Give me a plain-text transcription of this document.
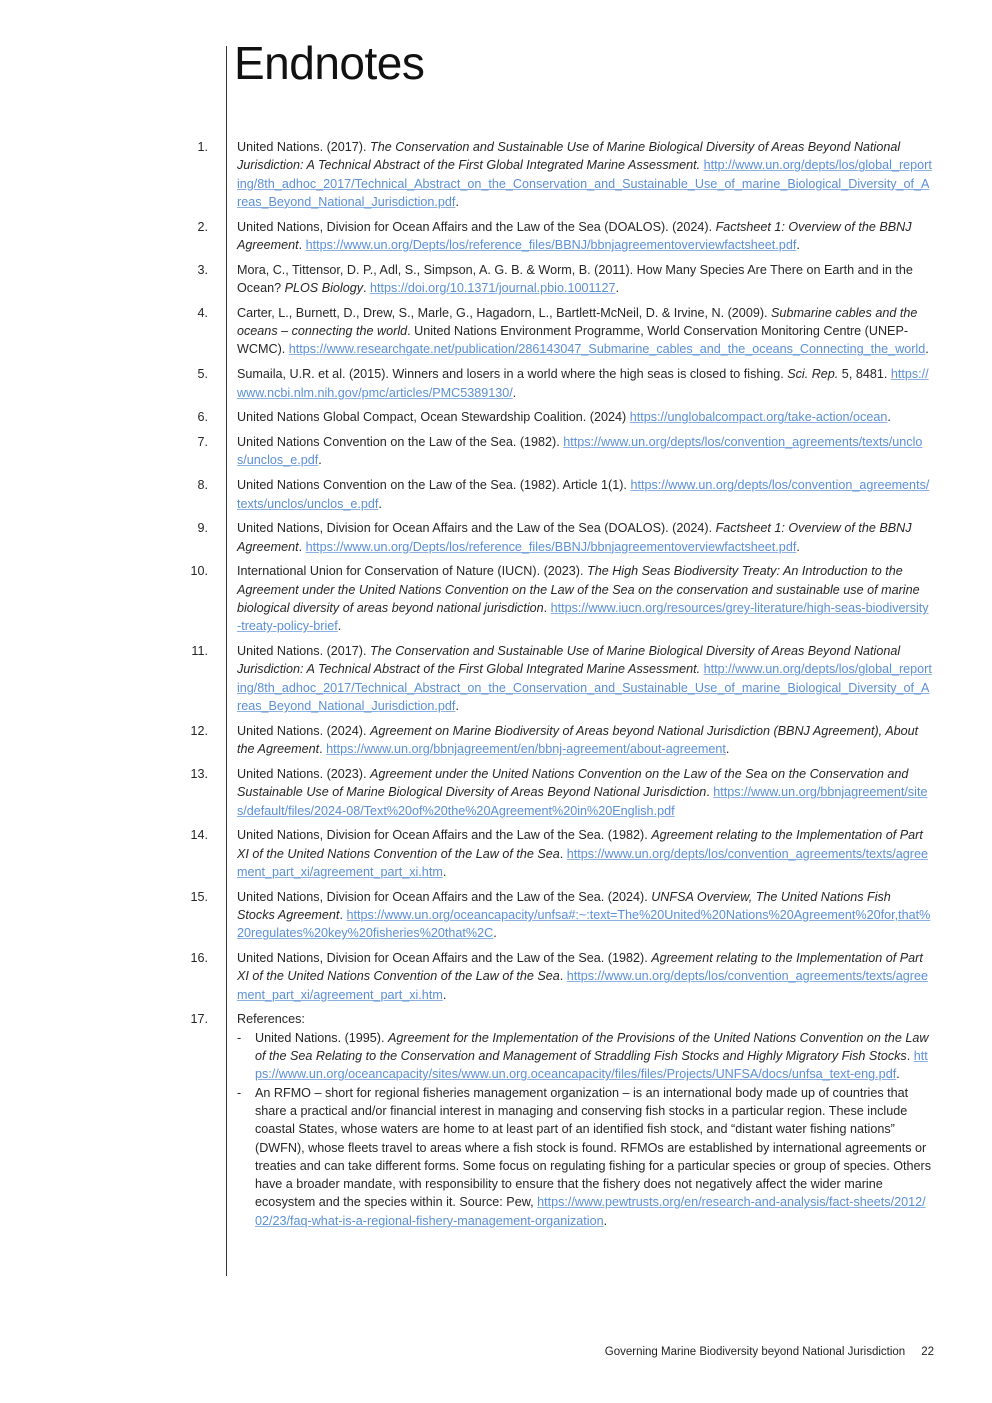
Endnotes
1. United Nations. (2017). The Conservation and Sustainable Use of Marine Biological Diversity of Areas Beyond National Jurisdiction: A Technical Abstract of the First Global Integrated Marine Assessment. http://www.un.org/depts/los/global_reporting/8th_adhoc_2017/Technical_Abstract_on_the_Conservation_and_Sustainable_Use_of_marine_Biological_Diversity_of_Areas_Beyond_National_Jurisdiction.pdf.
2. United Nations, Division for Ocean Affairs and the Law of the Sea (DOALOS). (2024). Factsheet 1: Overview of the BBNJ Agreement. https://www.un.org/Depts/los/reference_files/BBNJ/bbnjagreementoverviewfactsheet.pdf.
3. Mora, C., Tittensor, D. P., Adl, S., Simpson, A. G. B. & Worm, B. (2011). How Many Species Are There on Earth and in the Ocean? PLOS Biology. https://doi.org/10.1371/journal.pbio.1001127.
4. Carter, L., Burnett, D., Drew, S., Marle, G., Hagadorn, L., Bartlett-McNeil, D. & Irvine, N. (2009). Submarine cables and the oceans – connecting the world. United Nations Environment Programme, World Conservation Monitoring Centre (UNEP-WCMC). https://www.researchgate.net/publication/286143047_Submarine_cables_and_the_oceans_Connecting_the_world.
5. Sumaila, U.R. et al. (2015). Winners and losers in a world where the high seas is closed to fishing. Sci. Rep. 5, 8481. https://www.ncbi.nlm.nih.gov/pmc/articles/PMC5389130/.
6. United Nations Global Compact, Ocean Stewardship Coalition. (2024) https://unglobalcompact.org/take-action/ocean.
7. United Nations Convention on the Law of the Sea. (1982). https://www.un.org/depts/los/convention_agreements/texts/unclos/unclos_e.pdf.
8. United Nations Convention on the Law of the Sea. (1982). Article 1(1). https://www.un.org/depts/los/convention_agreements/texts/unclos/unclos_e.pdf.
9. United Nations, Division for Ocean Affairs and the Law of the Sea (DOALOS). (2024). Factsheet 1: Overview of the BBNJ Agreement. https://www.un.org/Depts/los/reference_files/BBNJ/bbnjagreementoverviewfactsheet.pdf.
10. International Union for Conservation of Nature (IUCN). (2023). The High Seas Biodiversity Treaty: An Introduction to the Agreement under the United Nations Convention on the Law of the Sea on the conservation and sustainable use of marine biological diversity of areas beyond national jurisdiction. https://www.iucn.org/resources/grey-literature/high-seas-biodiversity-treaty-policy-brief.
11. United Nations. (2017). The Conservation and Sustainable Use of Marine Biological Diversity of Areas Beyond National Jurisdiction: A Technical Abstract of the First Global Integrated Marine Assessment. http://www.un.org/depts/los/global_reporting/8th_adhoc_2017/Technical_Abstract_on_the_Conservation_and_Sustainable_Use_of_marine_Biological_Diversity_of_Areas_Beyond_National_Jurisdiction.pdf.
12. United Nations. (2024). Agreement on Marine Biodiversity of Areas beyond National Jurisdiction (BBNJ Agreement), About the Agreement. https://www.un.org/bbnjagreement/en/bbnj-agreement/about-agreement.
13. United Nations. (2023). Agreement under the United Nations Convention on the Law of the Sea on the Conservation and Sustainable Use of Marine Biological Diversity of Areas Beyond National Jurisdiction. https://www.un.org/bbnjagreement/sites/default/files/2024-08/Text%20of%20the%20Agreement%20in%20English.pdf
14. United Nations, Division for Ocean Affairs and the Law of the Sea. (1982). Agreement relating to the Implementation of Part XI of the United Nations Convention of the Law of the Sea. https://www.un.org/depts/los/convention_agreements/texts/agreement_part_xi/agreement_part_xi.htm.
15. United Nations, Division for Ocean Affairs and the Law of the Sea. (2024). UNFSA Overview, The United Nations Fish Stocks Agreement. https://www.un.org/oceancapacity/unfsa#:~:text=The%20United%20Nations%20Agreement%20for,that%20regulates%20key%20fisheries%20that%2C.
16. United Nations, Division for Ocean Affairs and the Law of the Sea. (1982). Agreement relating to the Implementation of Part XI of the United Nations Convention of the Law of the Sea. https://www.un.org/depts/los/convention_agreements/texts/agreement_part_xi/agreement_part_xi.htm.
17. References:
- United Nations. (1995). Agreement for the Implementation of the Provisions of the United Nations Convention on the Law of the Sea Relating to the Conservation and Management of Straddling Fish Stocks and Highly Migratory Fish Stocks. https://www.un.org/oceancapacity/sites/www.un.org.oceancapacity/files/files/Projects/UNFSA/docs/unfsa_text-eng.pdf.
- An RFMO – short for regional fisheries management organization – is an international body made up of countries that share a practical and/or financial interest in managing and conserving fish stocks in a particular region. These include coastal States, whose waters are home to at least part of an identified fish stock, and “distant water fishing nations” (DWFN), whose fleets travel to areas where a fish stock is found. RFMOs are established by international agreements or treaties and can take different forms. Some focus on regulating fishing for a particular species or group of species. Others have a broader mandate, with responsibility to ensure that the fishery does not negatively affect the wider marine ecosystem and the species within it. Source: Pew, https://www.pewtrusts.org/en/research-and-analysis/fact-sheets/2012/02/23/faq-what-is-a-regional-fishery-management-organization.
Governing Marine Biodiversity beyond National Jurisdiction 22
